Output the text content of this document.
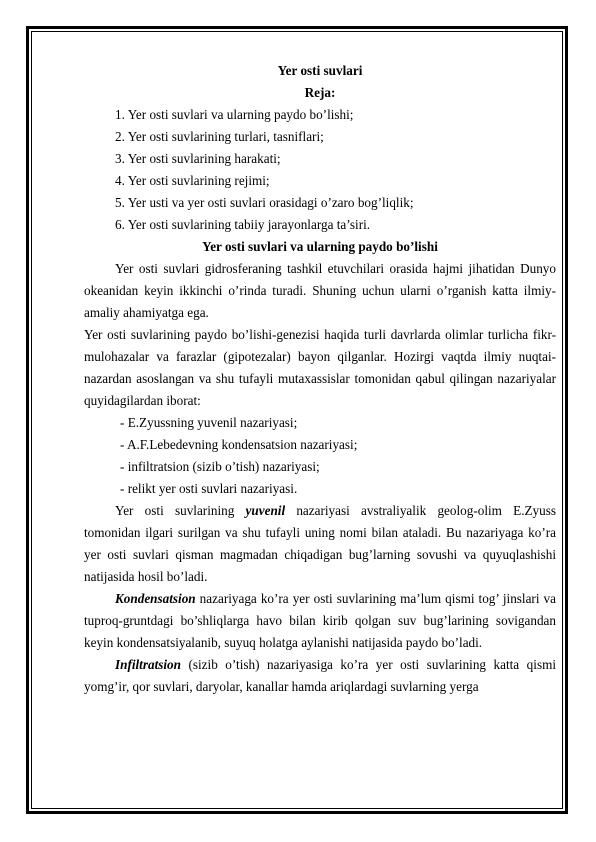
Yer osti suvlari
Reja:
1. Yer osti suvlari va ularning paydo bo’lishi;
2. Yer osti suvlarining turlari, tasniflari;
3. Yer osti suvlarining harakati;
4. Yer osti suvlarining rejimi;
5. Yer usti va yer osti suvlari orasidagi o’zaro bog’liqlik;
6. Yer osti suvlarining tabiiy jarayonlarga ta’siri.
Yer osti suvlari va ularning paydo bo’lishi
Yer osti suvlari gidrosferaning tashkil etuvchilari orasida hajmi jihatidan Dunyo okeanidan keyin ikkinchi o’rinda turadi. Shuning uchun ularni o’rganish katta ilmiy-amaliy ahamiyatga ega.
Yer osti suvlarining paydo bo’lishi-genezisi haqida turli davrlarda olimlar turlicha fikr-mulohazalar va farazlar (gipotezalar) bayon qilganlar. Hozirgi vaqtda ilmiy nuqtai-nazardan asoslangan va shu tufayli mutaxassislar tomonidan qabul qilingan nazariyalar quyidagilardan iborat:
- E.Zyussning yuvenil nazariyasi;
- A.F.Lebedevning kondensatsion nazariyasi;
- infiltratsion (sizib o’tish) nazariyasi;
- relikt yer osti suvlari nazariyasi.
Yer osti suvlarining yuvenil nazariyasi avstraliyalik geolog-olim E.Zyuss tomonidan ilgari surilgan va shu tufayli uning nomi bilan ataladi. Bu nazariyaga ko’ra yer osti suvlari qisman magmadan chiqadigan bug’larning sovushi va quyuqlashishi natijasida hosil bo’ladi.
Kondensatsion nazariyaga ko’ra yer osti suvlarining ma’lum qismi tog’ jinslari va tuproq-gruntdagi bo’shliqlarga havo bilan kirib qolgan suv bug’larining sovigandan keyin kondensatsiyalanib, suyuq holatga aylanishi natijasida paydo bo’ladi.
Infiltratsion (sizib o’tish) nazariyasiga ko’ra yer osti suvlarining katta qismi yomg’ir, qor suvlari, daryolar, kanallar hamda ariqlardagi suvlarning yerga
